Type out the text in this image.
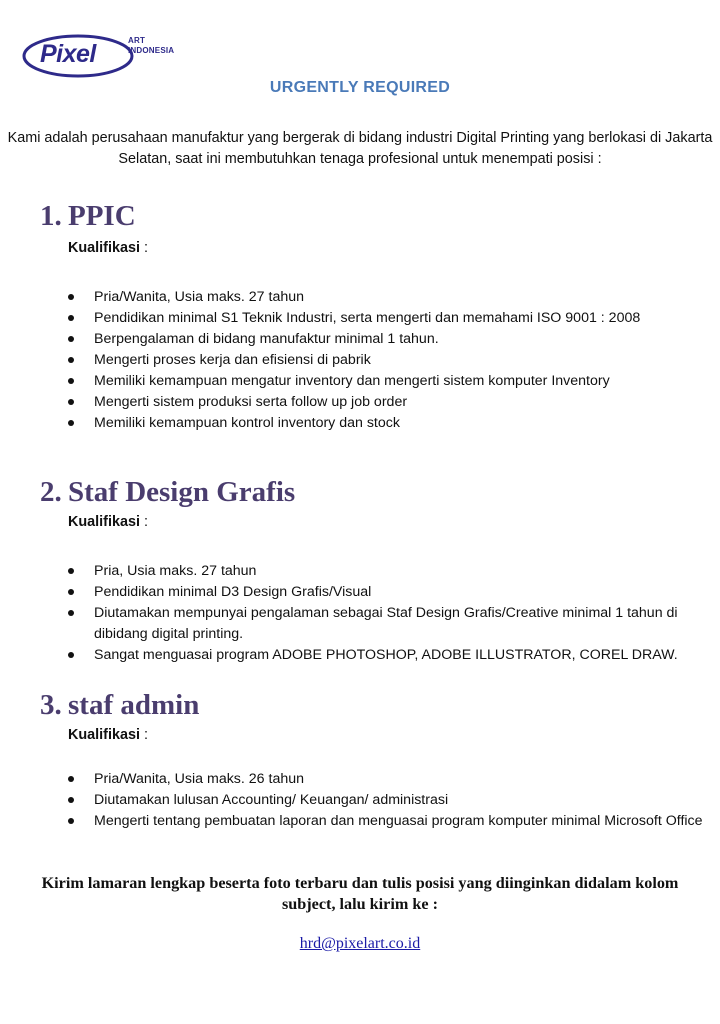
Pixel	ART
INDONESIA
URGENTLY REQUIRED
Kami adalah perusahaan manufaktur yang bergerak di bidang industri Digital Printing yang berlokasi di Jakarta Selatan, saat ini membutuhkan tenaga profesional untuk menempati posisi :
1. PPIC
Kualifikasi :
Pria/Wanita, Usia maks. 27 tahun
Pendidikan minimal S1 Teknik Industri, serta mengerti dan memahami ISO 9001 : 2008
Berpengalaman di bidang manufaktur minimal 1 tahun.
Mengerti proses kerja dan efisiensi di pabrik
Memiliki kemampuan mengatur inventory dan mengerti sistem komputer Inventory
Mengerti sistem produksi serta follow up job order
Memiliki kemampuan kontrol inventory dan stock
2. Staf Design Grafis
Kualifikasi :
Pria, Usia maks. 27 tahun
Pendidikan minimal D3 Design Grafis/Visual
Diutamakan mempunyai pengalaman sebagai Staf Design Grafis/Creative minimal 1 tahun di dibidang digital printing.
Sangat menguasai program ADOBE PHOTOSHOP, ADOBE ILLUSTRATOR, COREL DRAW.
3. staf admin
Kualifikasi :
Pria/Wanita, Usia maks. 26 tahun
Diutamakan lulusan Accounting/ Keuangan/ administrasi
Mengerti tentang pembuatan laporan dan menguasai program komputer minimal Microsoft Office
Kirim lamaran lengkap beserta foto terbaru dan tulis posisi yang diinginkan didalam kolom subject, lalu kirim ke :
hrd@pixelart.co.id
